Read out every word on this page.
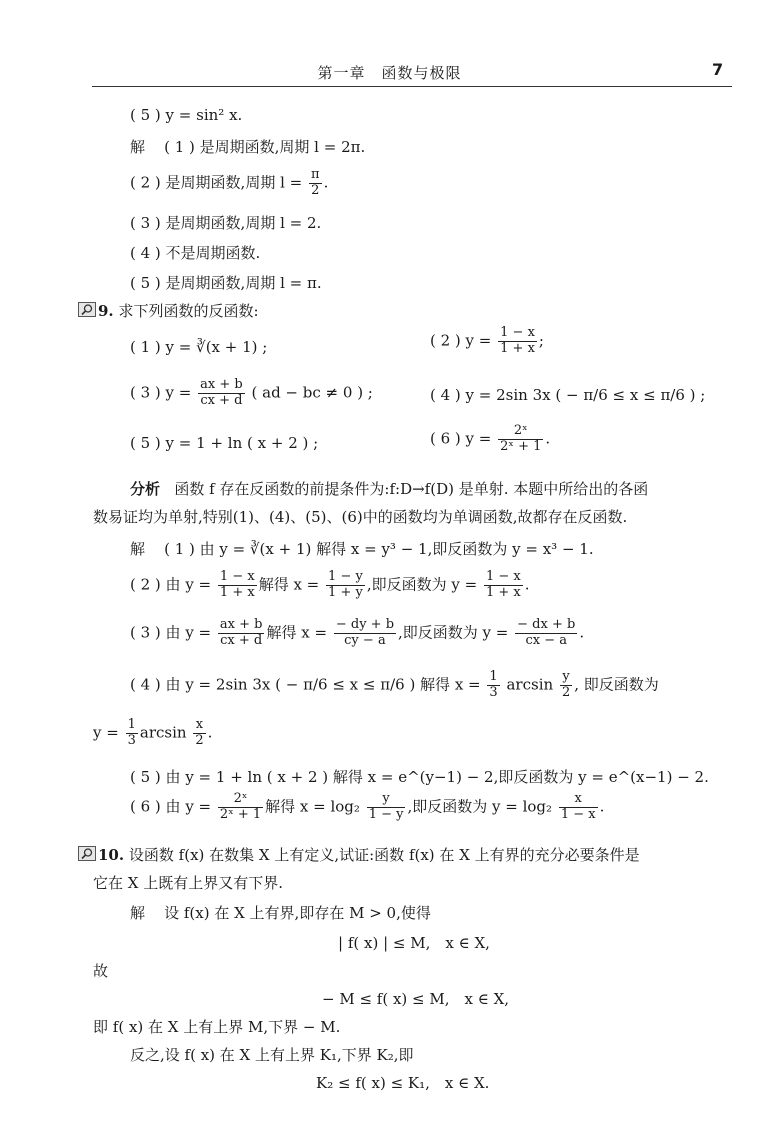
第一章　函数与极限	7
( 5 ) y = sin² x.
解 ( 1 ) 是周期函数,周期 l = 2π.
( 2 ) 是周期函数,周期 $l = \frac{\pi}{2}$ .
( 3 ) 是周期函数,周期 l = 2.
( 4 ) 不是周期函数.
( 5 ) 是周期函数,周期 l = π.
9. 求下列函数的反函数:
( 1 ) y = ∛(x + 1) ;	( 2 ) $y = \frac{1 - x}{1 + x}$ ;
( 3 ) $y = \frac{ax + b}{cx + d}$ ( ad − bc ≠ 0 ) ;	( 4 ) y = 2sin 3x ( − π/6 ≤ x ≤ π/6 ) ;
( 5 ) y = 1 + ln ( x + 2 ) ;	( 6 ) $y = \frac{\text{2ˣ}}{\text{2ˣ + 1}}$ .
分析 函数 f 存在反函数的前提条件为:f:D→f(D) 是单射. 本题中所给出的各函
数易证均为单射,特别(1)、(4)、(5)、(6)中的函数均为单调函数,故都存在反函数.
解 ( 1 ) 由 y = ∛(x + 1) 解得 x = y³ − 1,即反函数为 y = x³ − 1.
( 2 ) 由 $y = \frac{1 - x}{1 + x}$ 解得 $x = \frac{1 - y}{1 + y}$ ,即反函数为 $y = \frac{1 - x}{1 + x}$ .
( 3 ) 由 $y = \frac{ax + b}{cx + d}$ 解得 $x = \frac{- dy + b}{cy - a}$ ,即反函数为 $y = \frac{- dx + b}{cx - a}$ .
( 4 ) 由 y = 2sin 3x ( − π/6 ≤ x ≤ π/6 ) 解得 $x = \frac{1}{3}$ $\arcsin \frac{y}{2}$ , 即反函数为
$y = \frac{1}{3}$ $\arcsin \frac{x}{2}$ .
( 5 ) 由 y = 1 + ln ( x + 2 ) 解得 x = e^(y−1) − 2,即反函数为 y = e^(x−1) − 2.
( 6 ) 由 $y = \frac{\text{2ˣ}}{\text{2ˣ + 1}}$ 解得 $x = \log_2 \frac{y}{1 - y}$ ,即反函数为 $y = \log_2 \frac{x}{1 - x}$ .
10. 设函数 f(x) 在数集 X 上有定义,试证:函数 f(x) 在 X 上有界的充分必要条件是
它在 X 上既有上界又有下界.
解 设 f(x) 在 X 上有界,即存在 M > 0,使得
| f( x) | ≤ M,　x ∈ X,
故
− M ≤ f( x) ≤ M,　x ∈ X,
即 f( x) 在 X 上有上界 M,下界 − M.
反之,设 f( x) 在 X 上有上界 K₁,下界 K₂,即
K₂ ≤ f( x) ≤ K₁,　x ∈ X.
